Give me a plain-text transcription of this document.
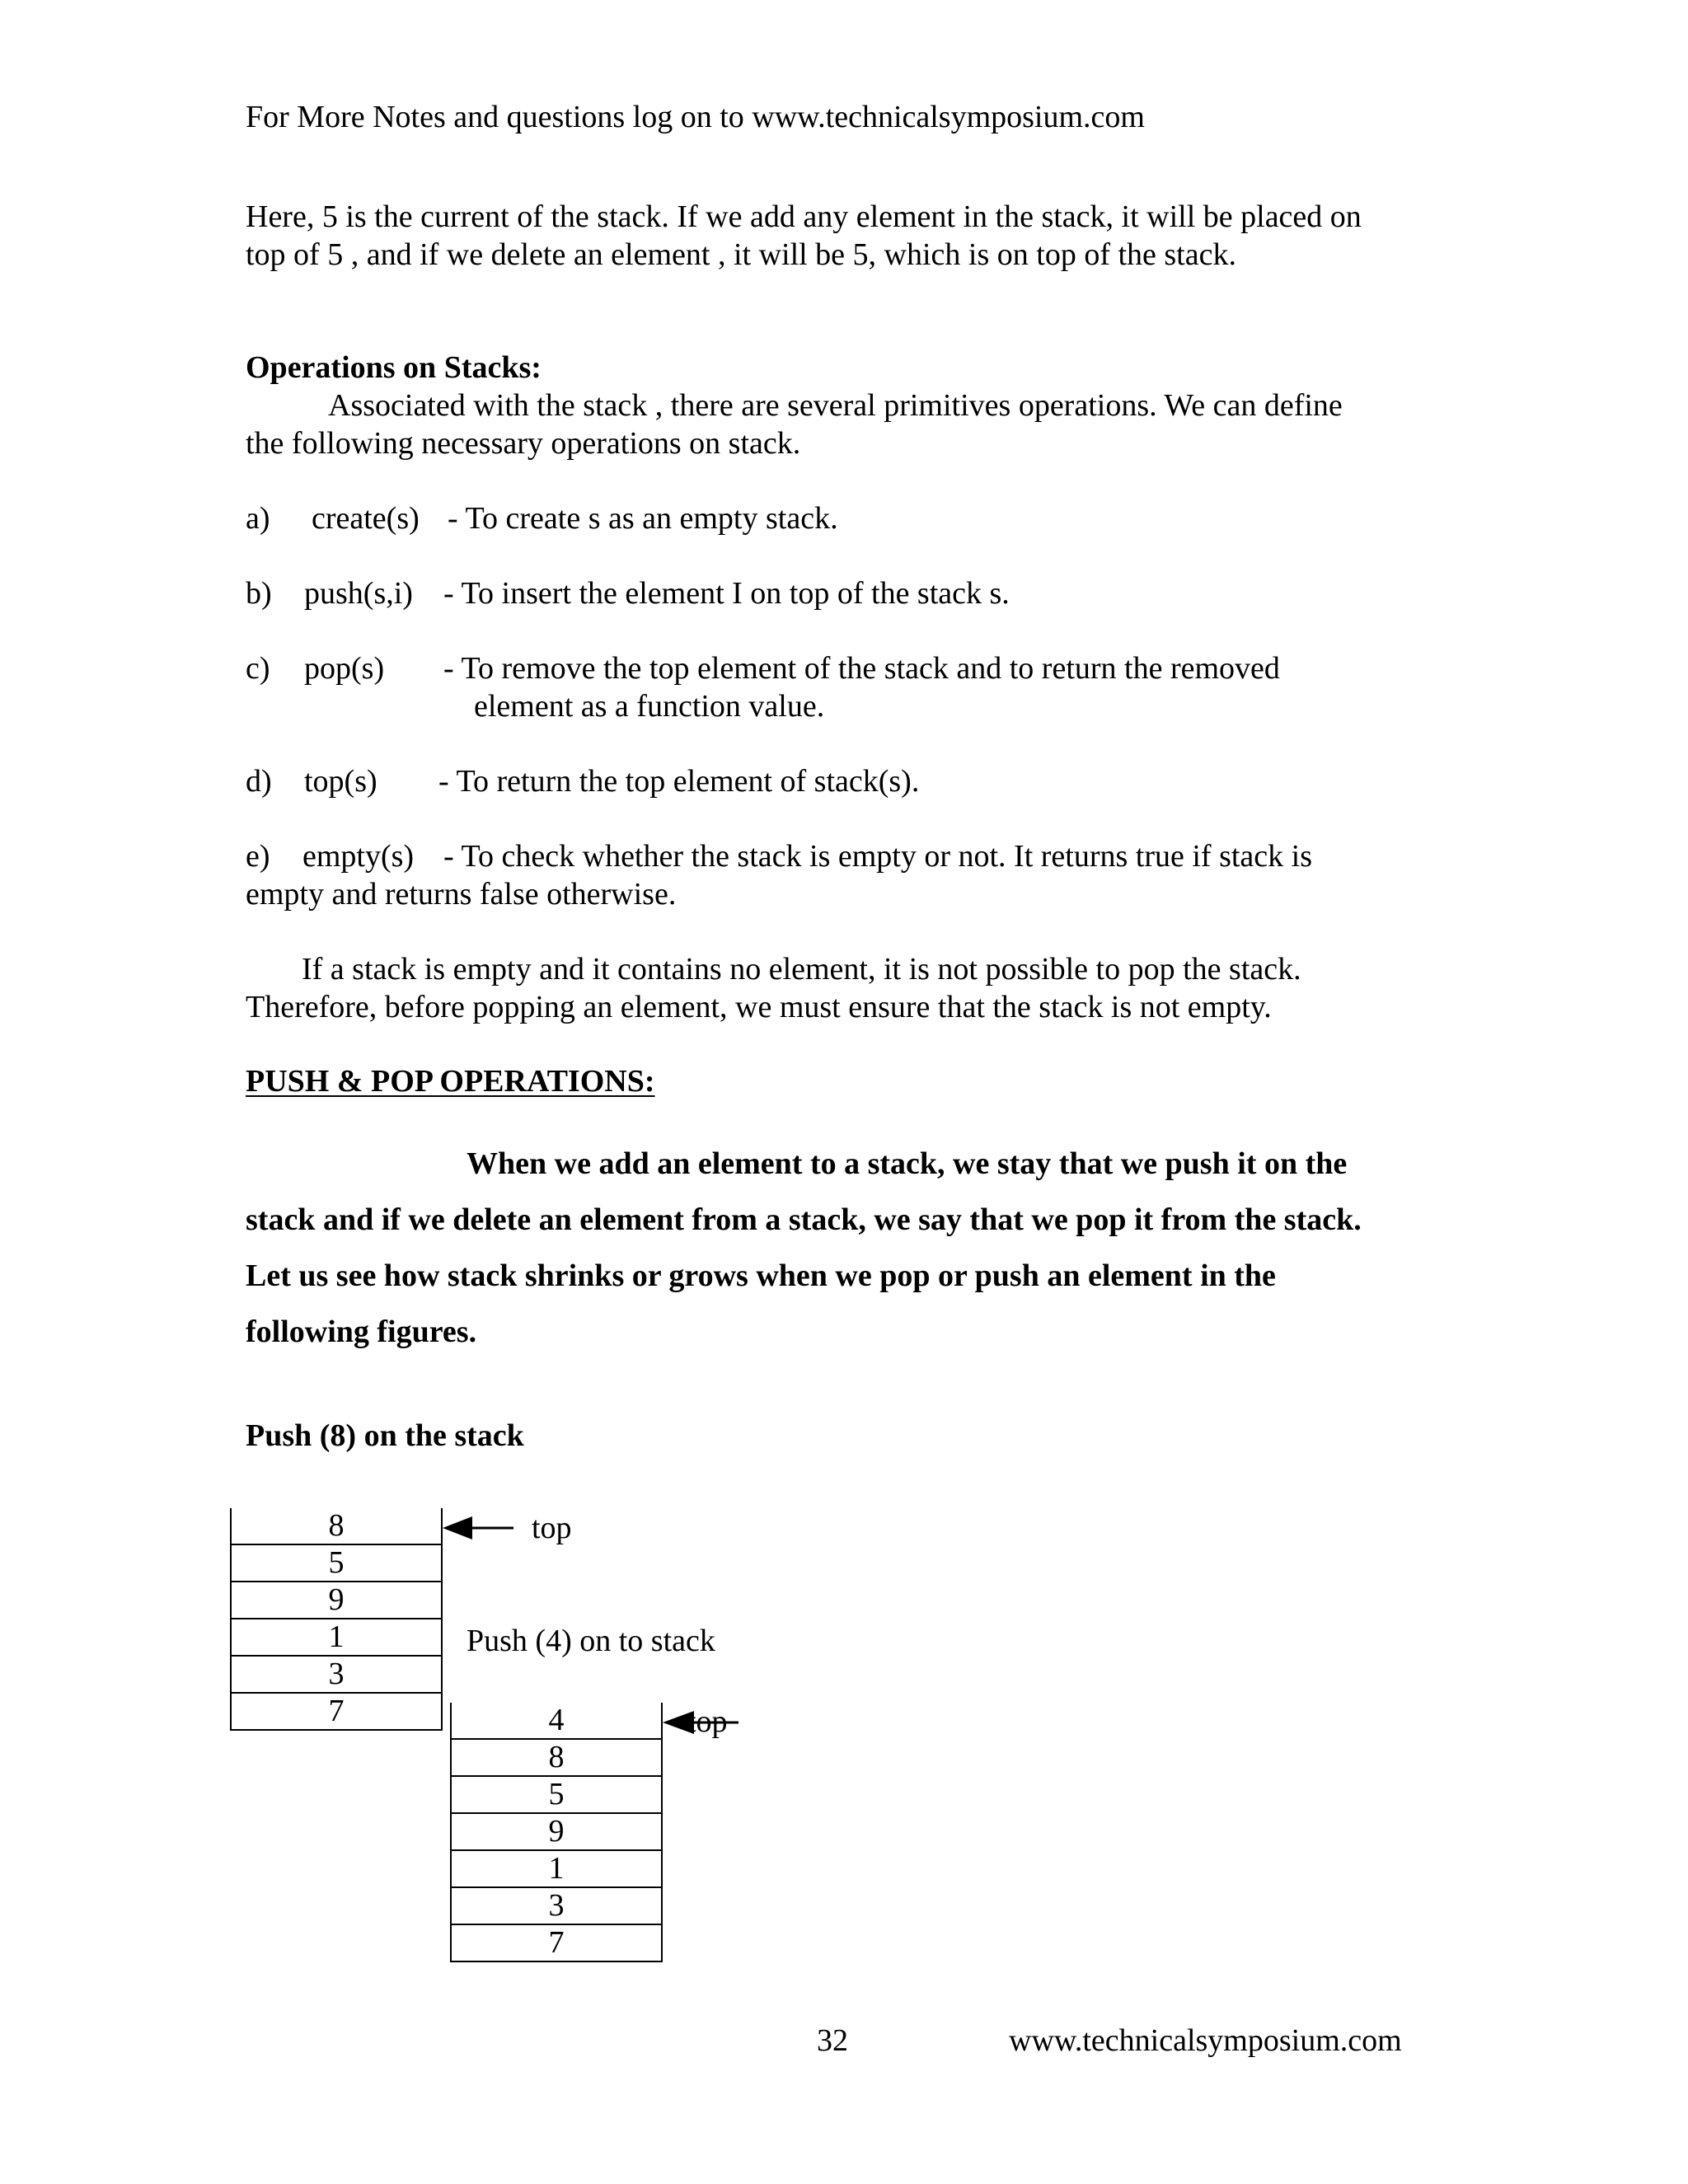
For More Notes and questions log on to www.technicalsymposium.com

Here, 5 is the current of the stack. If we add any element in the stack, it will be placed on

top of 5 , and if we delete an element , it will be 5, which is on top of the stack.

Operations on Stacks:

Associated with the stack , there are several primitives operations. We can define

the following necessary operations on stack.

a) create(s) - To create s as an empty stack.
b) push(s,i) - To insert the element I on top of the stack s.
c) pop(s) - To remove the top element of the stack and to return the removed
element as a function value.
d) top(s) - To return the top element of stack(s).
e) empty(s) - To check whether the stack is empty or not. It returns true if stack is
empty and returns false otherwise.

If a stack is empty and it contains no element, it is not possible to pop the stack.

Therefore, before popping an element, we must ensure that the stack is not empty.

PUSH & POP OPERATIONS:

When we add an element to a stack, we stay that we push it on the

stack and if we delete an element from a stack, we say that we pop it from the stack.

Let us see how stack shrinks or grows when we pop or push an element in the

following figures.

Push (8) on the stack

8
5
9
1
3
7
top
Push (4) on to stack
4
8
5
9
1
3
7
top
32	www.technicalsymposium.com
